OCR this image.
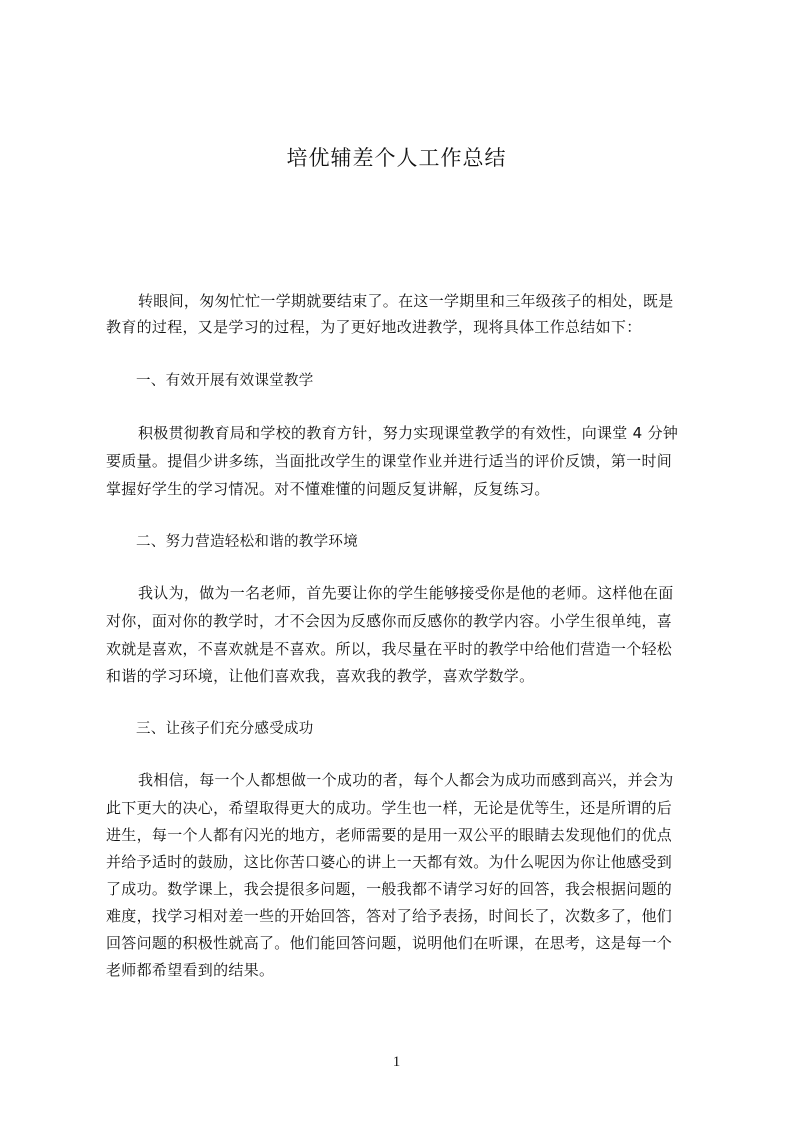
培优辅差个人工作总结
转眼间，匆匆忙忙一学期就要结束了。在这一学期里和三年级孩子的相处，既是
教育的过程，又是学习的过程，为了更好地改进教学，现将具体工作总结如下：
一、有效开展有效课堂教学
积极贯彻教育局和学校的教育方针，努力实现课堂教学的有效性，向课堂 4 分钟
要质量。提倡少讲多练，当面批改学生的课堂作业并进行适当的评价反馈，第一时间
掌握好学生的学习情况。对不懂难懂的问题反复讲解，反复练习。
二、努力营造轻松和谐的教学环境
我认为，做为一名老师，首先要让你的学生能够接受你是他的老师。这样他在面
对你，面对你的教学时，才不会因为反感你而反感你的教学内容。小学生很单纯，喜
欢就是喜欢，不喜欢就是不喜欢。所以，我尽量在平时的教学中给他们营造一个轻松
和谐的学习环境，让他们喜欢我，喜欢我的教学，喜欢学数学。
三、让孩子们充分感受成功
我相信，每一个人都想做一个成功的者，每个人都会为成功而感到高兴，并会为
此下更大的决心，希望取得更大的成功。学生也一样，无论是优等生，还是所谓的后
进生，每一个人都有闪光的地方，老师需要的是用一双公平的眼睛去发现他们的优点
并给予适时的鼓励，这比你苦口婆心的讲上一天都有效。为什么呢因为你让他感受到
了成功。数学课上，我会提很多问题，一般我都不请学习好的回答，我会根据问题的
难度，找学习相对差一些的开始回答，答对了给予表扬，时间长了，次数多了，他们
回答问题的积极性就高了。他们能回答问题，说明他们在听课，在思考，这是每一个
老师都希望看到的结果。
1
